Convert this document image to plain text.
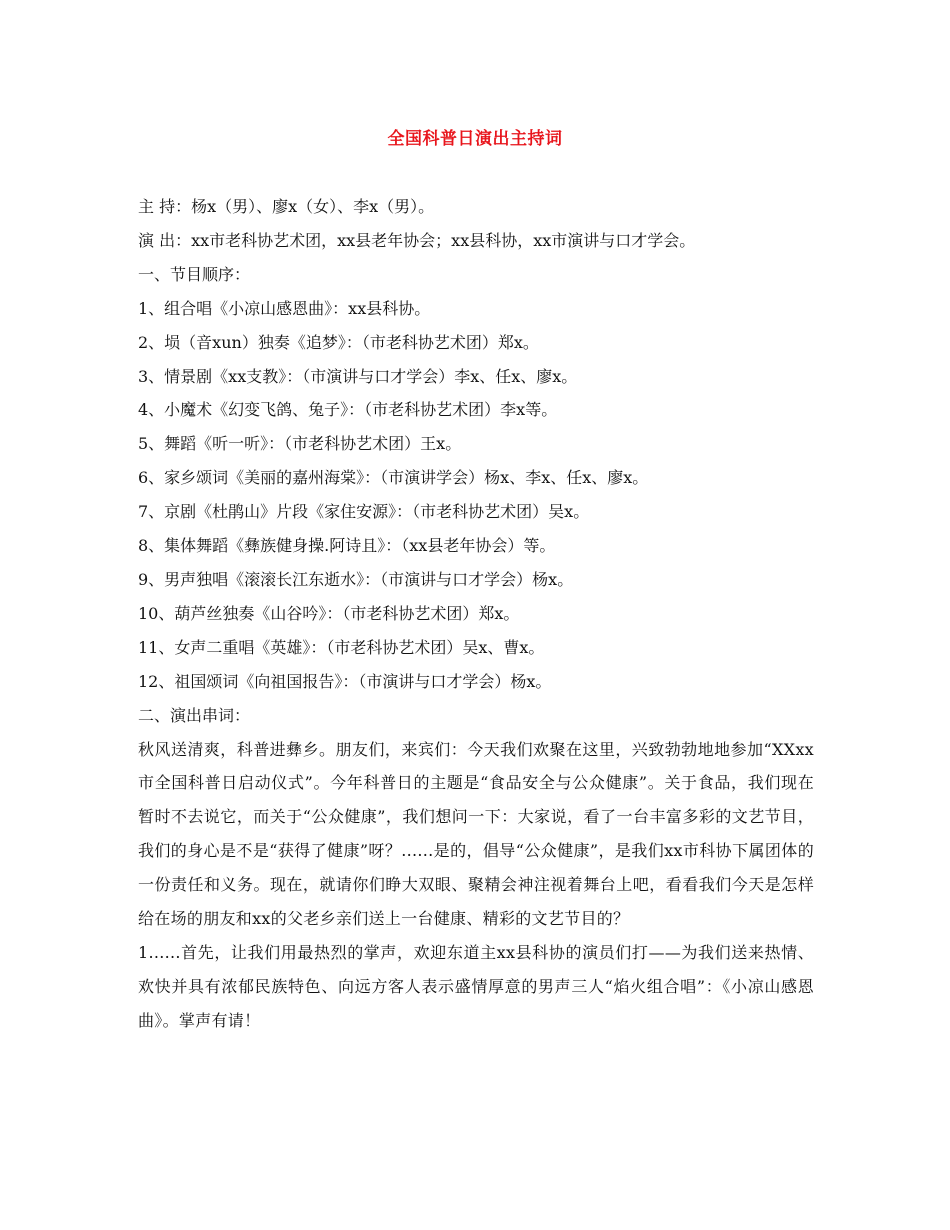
全国科普日演出主持词

主 持：杨x（男）、廖x（女）、李x（男）。

演 出：xx市老科协艺术团，xx县老年协会；xx县科协，xx市演讲与口才学会。

一、节目顺序：

1、组合唱《小凉山感恩曲》：xx县科协。

2、埙（音xun）独奏《追梦》：（市老科协艺术团）郑x。

3、情景剧《xx支教》：（市演讲与口才学会）李x、任x、廖x。

4、小魔术《幻变飞鸽、兔子》：（市老科协艺术团）李x等。

5、舞蹈《听一听》：（市老科协艺术团）王x。

6、家乡颂词《美丽的嘉州海棠》：（市演讲学会）杨x、李x、任x、廖x。

7、京剧《杜鹃山》片段《家住安源》：（市老科协艺术团）吴x。

8、集体舞蹈《彝族健身操.阿诗且》：（xx县老年协会）等。

9、男声独唱《滚滚长江东逝水》：（市演讲与口才学会）杨x。

10、葫芦丝独奏《山谷吟》：（市老科协艺术团）郑x。

11、女声二重唱《英雄》：（市老科协艺术团）吴x、曹x。

12、祖国颂词《向祖国报告》：（市演讲与口才学会）杨x。

二、演出串词：

秋风送清爽，科普进彝乡。朋友们，来宾们：今天我们欢聚在这里，兴致勃勃地地参加“XXxx市全国科普日启动仪式”。今年科普日的主题是“食品安全与公众健康”。关于食品，我们现在暂时不去说它，而关于“公众健康”，我们想问一下：大家说，看了一台丰富多彩的文艺节目，我们的身心是不是“获得了健康”呀？......是的，倡导“公众健康”，是我们xx市科协下属团体的一份责任和义务。现在，就请你们睁大双眼、聚精会神注视着舞台上吧，看看我们今天是怎样给在场的朋友和xx的父老乡亲们送上一台健康、精彩的文艺节目的？

1......首先，让我们用最热烈的掌声，欢迎东道主xx县科协的演员们打——为我们送来热情、欢快并具有浓郁民族特色、向远方客人表示盛情厚意的男声三人“焰火组合唱”：《小凉山感恩曲》。掌声有请！
